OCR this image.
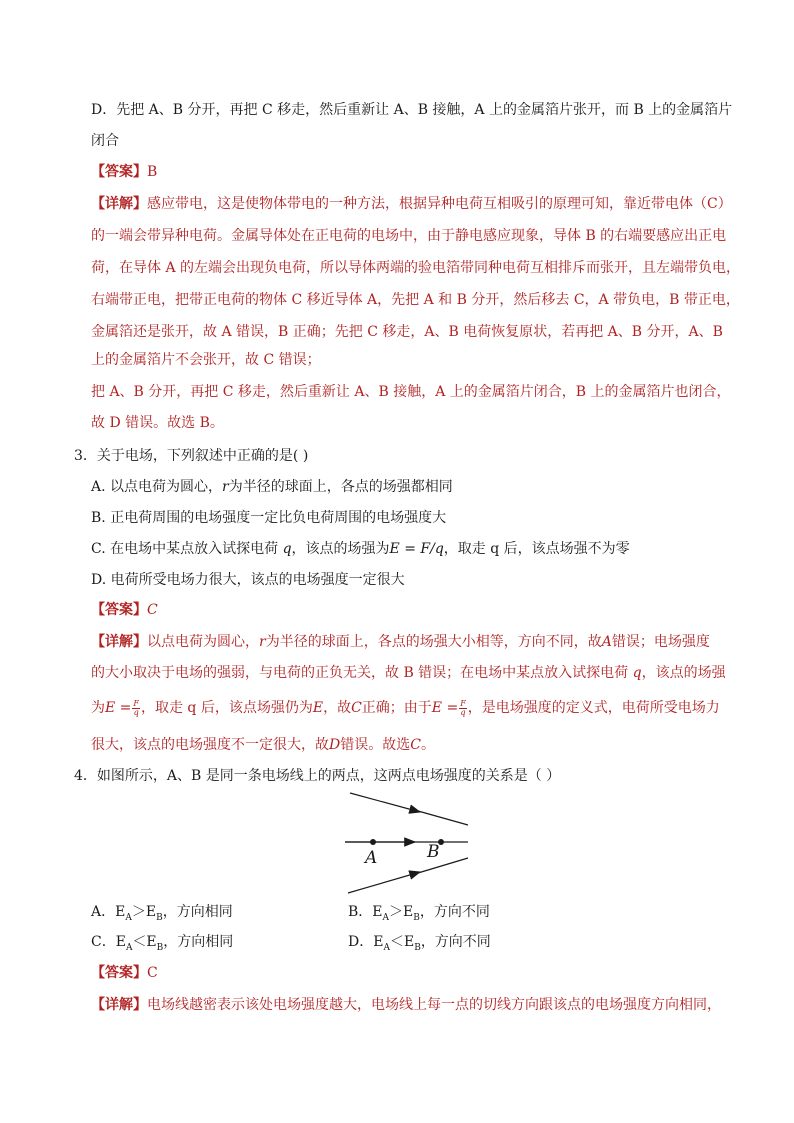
D．先把 A、B 分开，再把 C 移走，然后重新让 A、B 接触，A 上的金属箔片张开，而 B 上的金属箔片
闭合
【答案】B
【详解】感应带电，这是使物体带电的一种方法，根据异种电荷互相吸引的原理可知，靠近带电体（C）
的一端会带异种电荷。金属导体处在正电荷的电场中，由于静电感应现象，导体 B 的右端要感应出正电
荷，在导体 A 的左端会出现负电荷，所以导体两端的验电箔带同种电荷互相排斥而张开，且左端带负电，
右端带正电，把带正电荷的物体 C 移近导体 A，先把 A 和 B 分开，然后移去 C，A 带负电，B 带正电，
金属箔还是张开，故 A 错误，B 正确；先把 C 移走，A、B 电荷恢复原状，若再把 A、B 分开，A、B
上的金属箔片不会张开，故 C 错误；
把 A、B 分开，再把 C 移走，然后重新让 A、B 接触，A 上的金属箔片闭合，B 上的金属箔片也闭合，
故 D 错误。故选 B。
3．关于电场，下列叙述中正确的是( )
A. 以点电荷为圆心，r为半径的球面上，各点的场强都相同
B. 正电荷周围的电场强度一定比负电荷周围的电场强度大
C. 在电场中某点放入试探电荷 q，该点的场强为E = F/q，取走 q 后，该点场强不为零
D. 电荷所受电场力很大，该点的电场强度一定很大
【答案】C
【详解】以点电荷为圆心，r为半径的球面上，各点的场强大小相等，方向不同，故A错误；电场强度
的大小取决于电场的强弱，与电荷的正负无关，故 B 错误；在电场中某点放入试探电荷 q，该点的场强
为$E = \frac{F}{q}$ ，取走 q 后，该点场强仍为E，故C正确；由于$E = \frac{F}{q}$ ，是电场强度的定义式，电荷所受电场力
很大，该点的电场强度不一定很大，故D错误。故选C。
4．如图所示，A、B 是同一条电场线上的两点，这两点电场强度的关系是（ ）
A	B
A．$E_A>E_B$，方向相同	B．$E_A>E_B$，方向不同
C．$E_A<E_B$，方向相同	D．$E_A<E_B$，方向不同
【答案】C
【详解】电场线越密表示该处电场强度越大，电场线上每一点的切线方向跟该点的电场强度方向相同，
